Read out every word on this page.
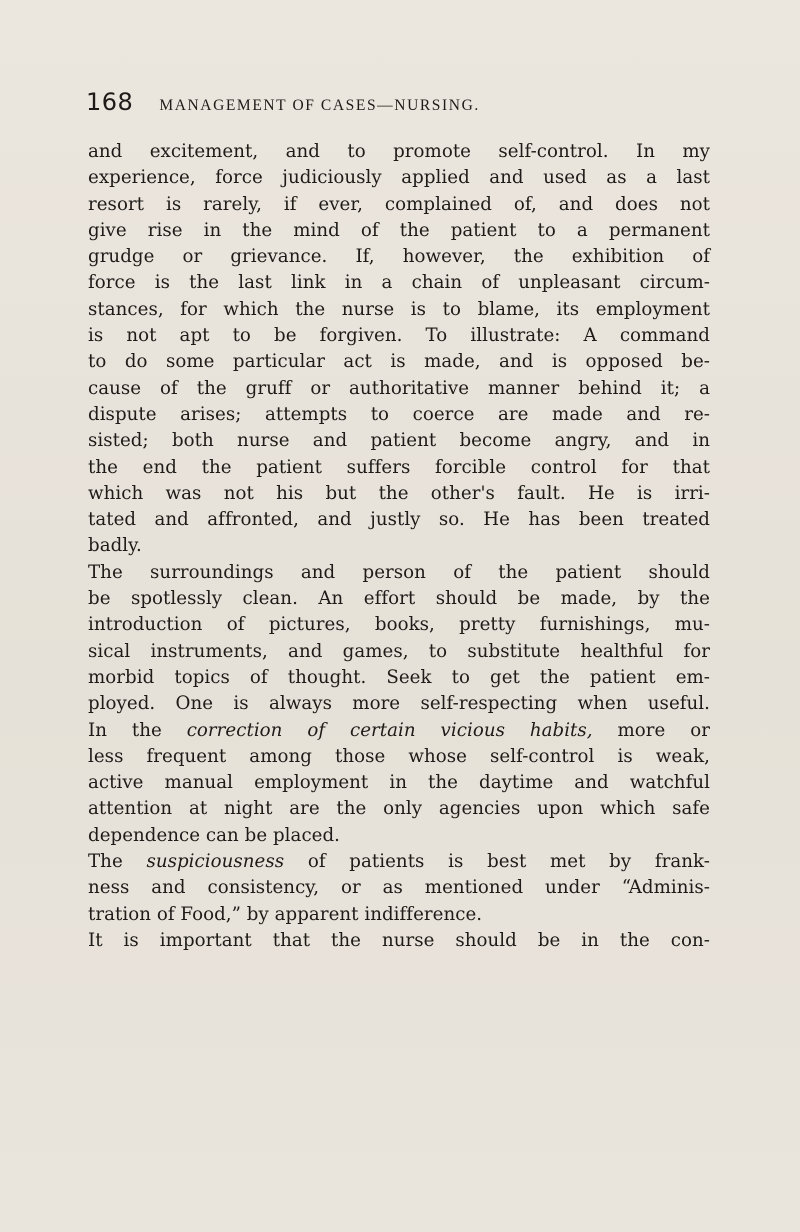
168 MANAGEMENT OF CASES—NURSING.
and excitement, and to promote self-control. In my
experience, force judiciously applied and used as a last
resort is rarely, if ever, complained of, and does not
give rise in the mind of the patient to a permanent
grudge or grievance. If, however, the exhibition of
force is the last link in a chain of unpleasant circum-
stances, for which the nurse is to blame, its employment
is not apt to be forgiven. To illustrate: A command
to do some particular act is made, and is opposed be-
cause of the gruff or authoritative manner behind it; a
dispute arises; attempts to coerce are made and re-
sisted; both nurse and patient become angry, and in
the end the patient suffers forcible control for that
which was not his but the other's fault. He is irri-
tated and affronted, and justly so. He has been treated
badly.
The surroundings and person of the patient should
be spotlessly clean. An effort should be made, by the
introduction of pictures, books, pretty furnishings, mu-
sical instruments, and games, to substitute healthful for
morbid topics of thought. Seek to get the patient em-
ployed. One is always more self-respecting when useful.
In the correction of certain vicious habits, more or
less frequent among those whose self-control is weak,
active manual employment in the daytime and watchful
attention at night are the only agencies upon which safe
dependence can be placed.
The suspiciousness of patients is best met by frank-
ness and consistency, or as mentioned under “Adminis-
tration of Food,” by apparent indifference.
It is important that the nurse should be in the con-
